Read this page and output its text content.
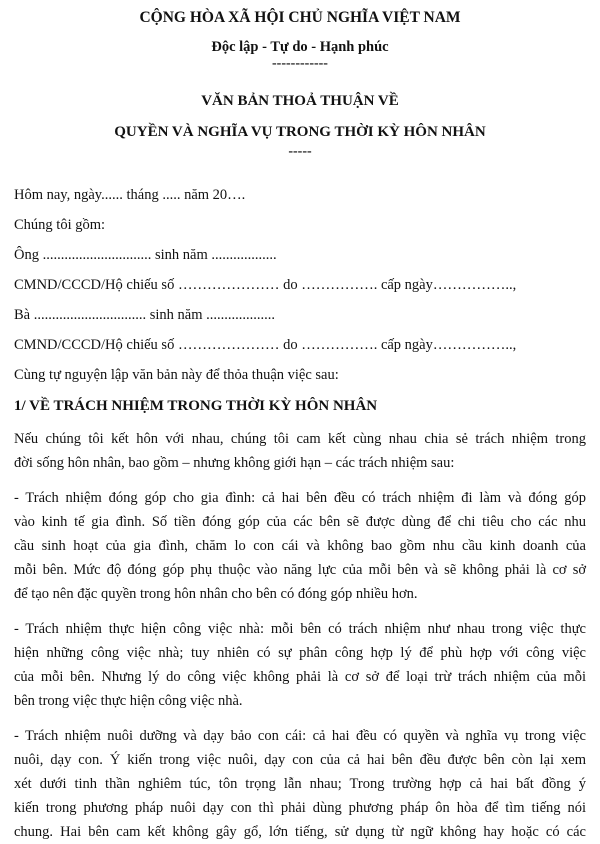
CỘNG HÒA XÃ HỘI CHỦ NGHĨA VIỆT NAM
Độc lập - Tự do - Hạnh phúc
------------
VĂN BẢN THOẢ THUẬN VỀ
QUYỀN VÀ NGHĨA VỤ TRONG THỜI KỲ HÔN NHÂN
-----
Hôm nay, ngày...... tháng ..... năm 20….
Chúng tôi gồm:
Ông .............................. sinh năm ..................
CMND/CCCD/Hộ chiếu số ………………… do ……………. cấp ngày……………..,
Bà ............................... sinh năm ...................
CMND/CCCD/Hộ chiếu số ………………… do ……………. cấp ngày……………..,
Cùng tự nguyện lập văn bản này để thỏa thuận việc sau:
1/ VỀ TRÁCH NHIỆM TRONG THỜI KỲ HÔN NHÂN
Nếu chúng tôi kết hôn với nhau, chúng tôi cam kết cùng nhau chia sẻ trách nhiệm trong
đời sống hôn nhân, bao gồm – nhưng không giới hạn – các trách nhiệm sau:
- Trách nhiệm đóng góp cho gia đình: cả hai bên đều có trách nhiệm đi làm và đóng góp
vào kinh tế gia đình. Số tiền đóng góp của các bên sẽ được dùng để chi tiêu cho các nhu
cầu sinh hoạt của gia đình, chăm lo con cái và không bao gồm nhu cầu kinh doanh của
mỗi bên. Mức độ đóng góp phụ thuộc vào năng lực của mỗi bên và sẽ không phải là cơ sở
để tạo nên đặc quyền trong hôn nhân cho bên có đóng góp nhiều hơn.
- Trách nhiệm thực hiện công việc nhà: mỗi bên có trách nhiệm như nhau trong việc thực
hiện những công việc nhà; tuy nhiên có sự phân công hợp lý để phù hợp với công việc
của mỗi bên. Nhưng lý do công việc không phải là cơ sở để loại trừ trách nhiệm của mỗi
bên trong việc thực hiện công việc nhà.
- Trách nhiệm nuôi dưỡng và dạy bảo con cái: cả hai đều có quyền và nghĩa vụ trong việc
nuôi, dạy con. Ý kiến trong việc nuôi, dạy con của cả hai bên đều được bên còn lại xem
xét dưới tinh thần nghiêm túc, tôn trọng lẫn nhau; Trong trường hợp cả hai bất đồng ý
kiến trong phương pháp nuôi dạy con thì phải dùng phương pháp ôn hòa để tìm tiếng nói
chung. Hai bên cam kết không gây gổ, lớn tiếng, sử dụng từ ngữ không hay hoặc có các
